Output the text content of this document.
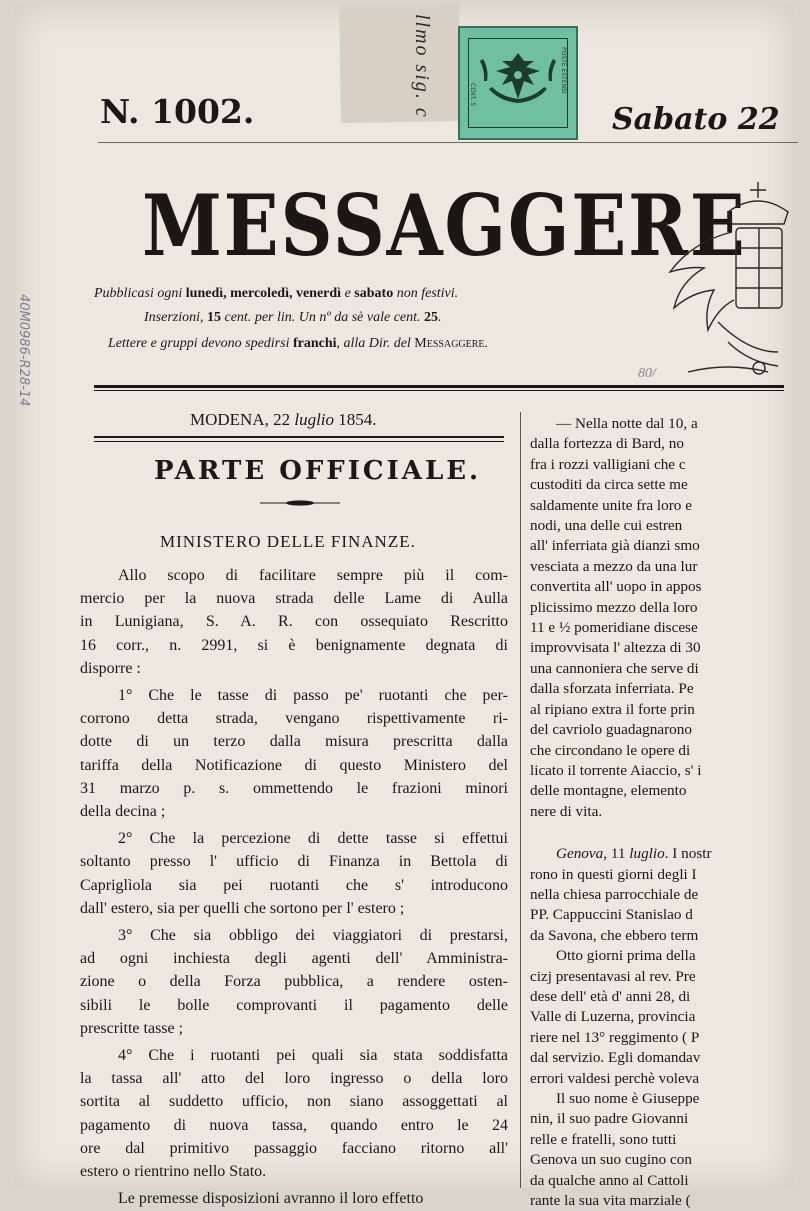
llmo sig. c	CENT. 5
POSTE ESTENSI
N. 1002.	Sabato 22
MESSAGGERE
Pubblicasi ogni lunedì, mercoledì, venerdì e sabato non festivi.
Inserzioni, 15 cent. per lin. Un nº da sè vale cent. 25.
Lettere e gruppi devono spedirsi franchi, alla Dir. del Messaggere.
80/
MODENA, 22 luglio 1854.
PARTE OFFICIALE.
MINISTERO DELLE FINANZE.

Allo scopo di facilitare sempre più il com-

mercio per la nuova strada delle Lame di Aulla

in Lunigiana, S. A. R. con ossequiato Rescritto

16 corr., n. 2991, si è benignamente degnata di

disporre :

1° Che le tasse di passo pe' ruotanti che per-

corrono detta strada, vengano rispettivamente ri-

dotte di un terzo dalla misura prescritta dalla

tariffa della Notificazione di questo Ministero del

31 marzo p. s. ommettendo le frazioni minori

della decina ;

2° Che la percezione di dette tasse si effettui

soltanto presso l' ufficio di Finanza in Bettola di

Capriglìola sia pei ruotanti che s' introducono

dall' estero, sia per quelli che sortono per l' estero ;

3° Che sia obbligo dei viaggiatori di prestarsi,

ad ogni inchiesta degli agenti dell' Amministra-

zione o della Forza pubblica, a rendere osten-

sibili le bolle comprovanti il pagamento delle

prescritte tasse ;

4° Che i ruotanti pei quali sia stata soddisfatta

la tassa all' atto del loro ingresso o della loro

sortita al suddetto ufficio, non siano assoggettati al

pagamento di nuova tassa, quando entro le 24

ore dal primitivo passaggio facciano ritorno all'

estero o rientrino nello Stato.

Le premesse disposizioni avranno il loro effetto

— Nella notte dal 10, a

dalla fortezza di Bard, no

fra i rozzi valligiani che c

custoditi da circa sette me

saldamente unite fra loro e

nodi, una delle cui estren

all' inferriata già dianzi smo

vesciata a mezzo da una lur

convertita all' uopo in appos

plicissimo mezzo della loro

11 e ½ pomeridiane discese

improvvisata l' altezza di 30

una cannoniera che serve di

dalla sforzata inferriata. Pe

al ripiano extra il forte prin

del cavriolo guadagnarono

che circondano le opere di

licato il torrente Aiaccio, s' i

delle montagne, elemento

nere di vita.

Genova, 11 luglio. I nostr

rono in questi giorni degli I

nella chiesa parrocchiale de

PP. Cappuccini Stanislao d

da Savona, che ebbero term

Otto giorni prima della

cizj presentavasi al rev. Pre

dese dell' età d' anni 28, di

Valle di Luzerna, provincia

riere nel 13° reggimento ( P

dal servizio. Egli domandav

errori valdesi perchè voleva

Il suo nome è Giuseppe

nin, il suo padre Giovanni

relle e fratelli, sono tutti

Genova un suo cugino con

da qualche anno al Cattoli

rante la sua vita marziale (

40M0986-R28-14
